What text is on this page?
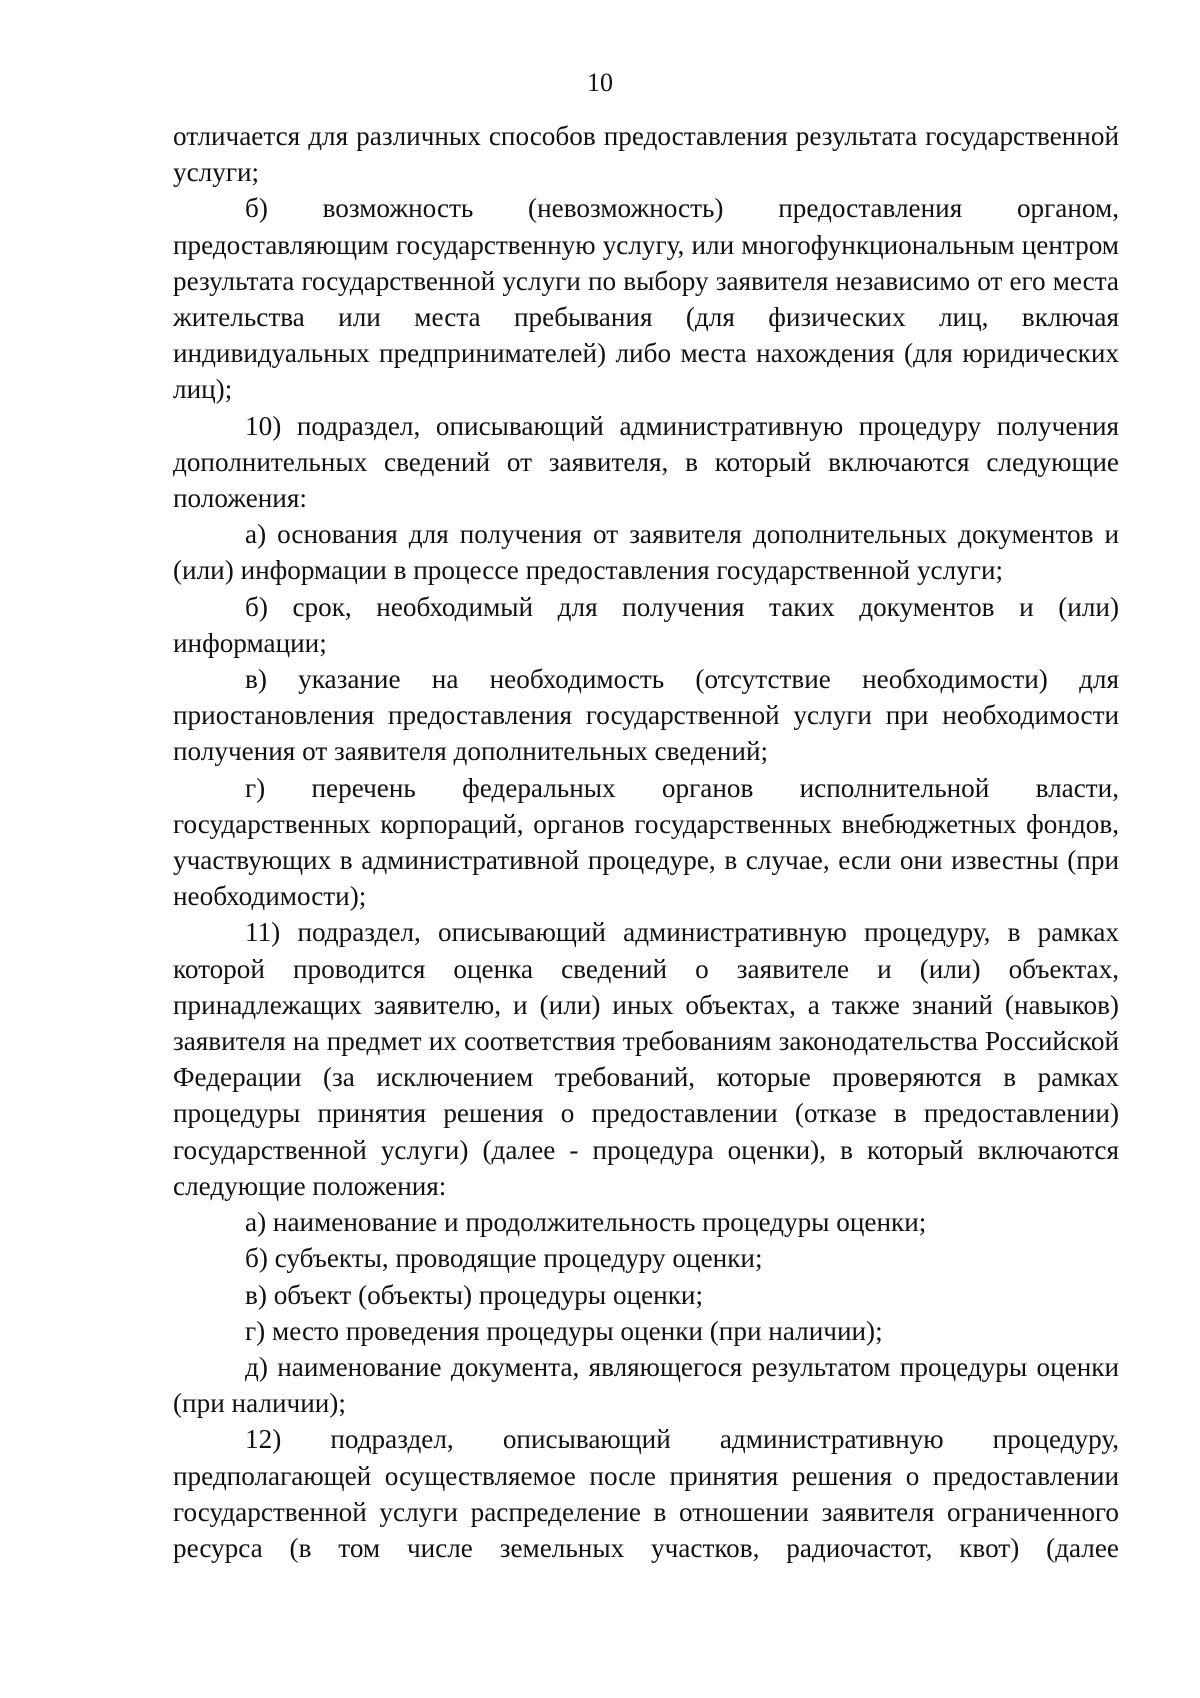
10

отличается для различных способов предоставления результата государственной услуги;

б) возможность (невозможность) предоставления органом, предоставляющим государственную услугу, или многофункциональным центром результата государственной услуги по выбору заявителя независимо от его места жительства или места пребывания (для физических лиц, включая индивидуальных предпринимателей) либо места нахождения (для юридических лиц);

10) подраздел, описывающий административную процедуру получения дополнительных сведений от заявителя, в который включаются следующие положения:

а) основания для получения от заявителя дополнительных документов и (или) информации в процессе предоставления государственной услуги;

б) срок, необходимый для получения таких документов и (или) информации;

в) указание на необходимость (отсутствие необходимости) для приостановления предоставления государственной услуги при необходимости получения от заявителя дополнительных сведений;

г) перечень федеральных органов исполнительной власти, государственных корпораций, органов государственных внебюджетных фондов, участвующих в административной процедуре, в случае, если они известны (при необходимости);

11) подраздел, описывающий административную процедуру, в рамках которой проводится оценка сведений о заявителе и (или) объектах, принадлежащих заявителю, и (или) иных объектах, а также знаний (навыков) заявителя на предмет их соответствия требованиям законодательства Российской Федерации (за исключением требований, которые проверяются в рамках процедуры принятия решения о предоставлении (отказе в предоставлении) государственной услуги) (далее - процедура оценки), в который включаются следующие положения:

а) наименование и продолжительность процедуры оценки;

б) субъекты, проводящие процедуру оценки;

в) объект (объекты) процедуры оценки;

г) место проведения процедуры оценки (при наличии);

д) наименование документа, являющегося результатом процедуры оценки (при наличии);

12) подраздел, описывающий административную процедуру, предполагающей осуществляемое после принятия решения о предоставлении государственной услуги распределение в отношении заявителя ограниченного ресурса (в том числе земельных участков, радиочастот, квот) (далее
